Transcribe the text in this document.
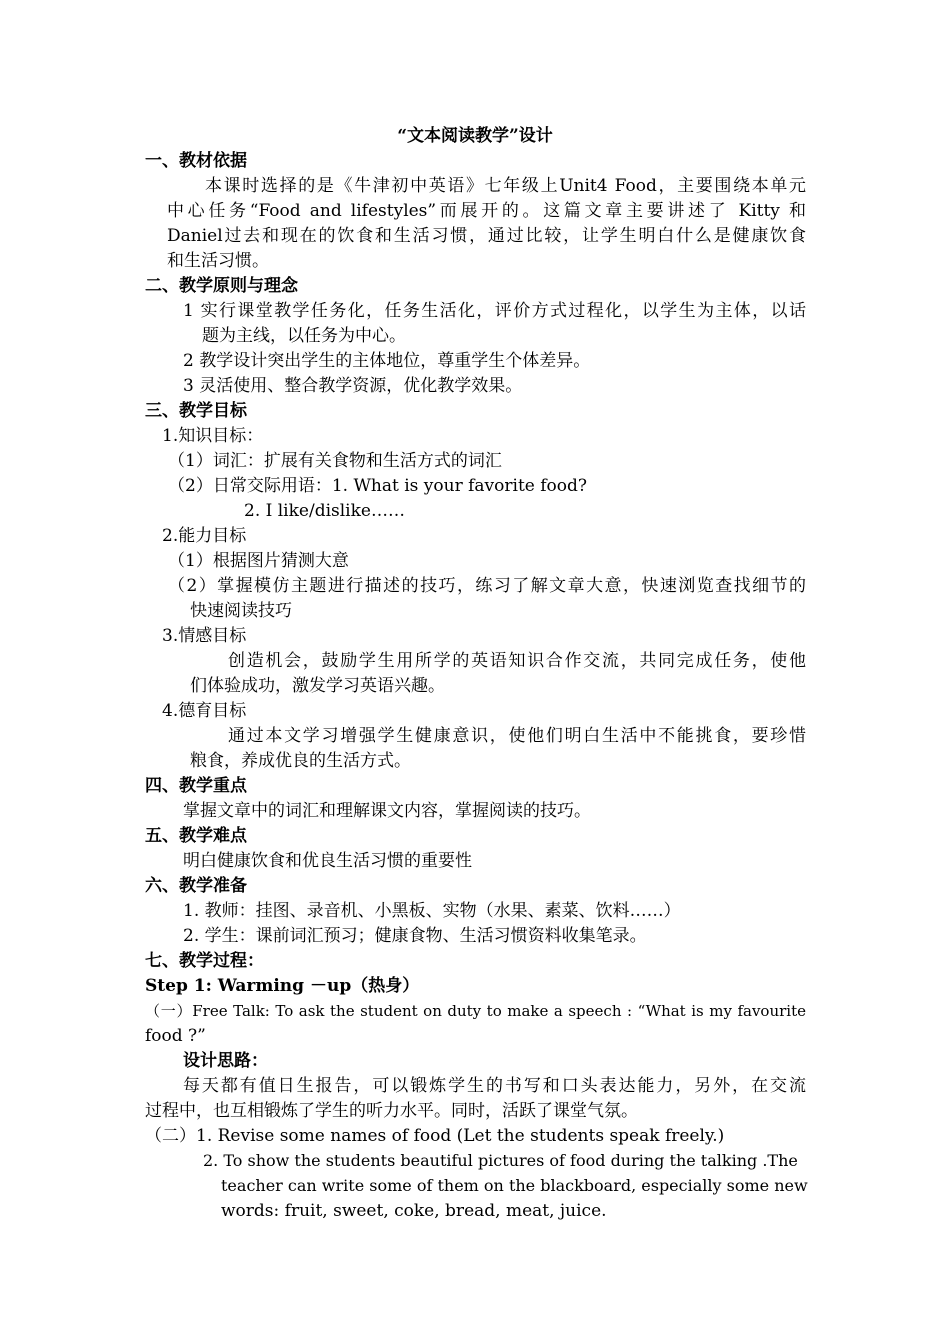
“文本阅读教学”设计
一、教材依据
本课时选择的是《牛津初中英语》七年级上Unit4 Food，主要围绕本单元
中心任务“Food and lifestyles”而展开的。这篇文章主要讲述了 Kitty 和
Daniel过去和现在的饮食和生活习惯，通过比较，让学生明白什么是健康饮食
和生活习惯。
二、教学原则与理念
1 实行课堂教学任务化，任务生活化，评价方式过程化，以学生为主体，以话
题为主线，以任务为中心。
2 教学设计突出学生的主体地位，尊重学生个体差异。
3 灵活使用、整合教学资源，优化教学效果。
三、教学目标
1.知识目标：
（1）词汇：扩展有关食物和生活方式的词汇
（2）日常交际用语：1. What is your favorite food?
2. I like/dislike……
2.能力目标
（1）根据图片猜测大意
（2）掌握模仿主题进行描述的技巧，练习了解文章大意，快速浏览查找细节的
快速阅读技巧
3.情感目标
创造机会，鼓励学生用所学的英语知识合作交流，共同完成任务，使他
们体验成功，激发学习英语兴趣。
4.德育目标
通过本文学习增强学生健康意识，使他们明白生活中不能挑食，要珍惜
粮食，养成优良的生活方式。
四、教学重点
掌握文章中的词汇和理解课文内容，掌握阅读的技巧。
五、教学难点
明白健康饮食和优良生活习惯的重要性
六、教学准备
1. 教师：挂图、录音机、小黑板、实物（水果、素菜、饮料……）
2. 学生：课前词汇预习；健康食物、生活习惯资料收集笔录。
七、教学过程：
Step 1: Warming －up（热身）
（一）Free Talk: To ask the student on duty to make a speech : “What is my favourite
food ?”
设计思路：
每天都有值日生报告，可以锻炼学生的书写和口头表达能力，另外，在交流
过程中，也互相锻炼了学生的听力水平。同时，活跃了课堂气氛。
（二）1. Revise some names of food (Let the students speak freely.)
2. To show the students beautiful pictures of food during the talking .The
teacher can write some of them on the blackboard, especially some new
words: fruit, sweet, coke, bread, meat, juice.
